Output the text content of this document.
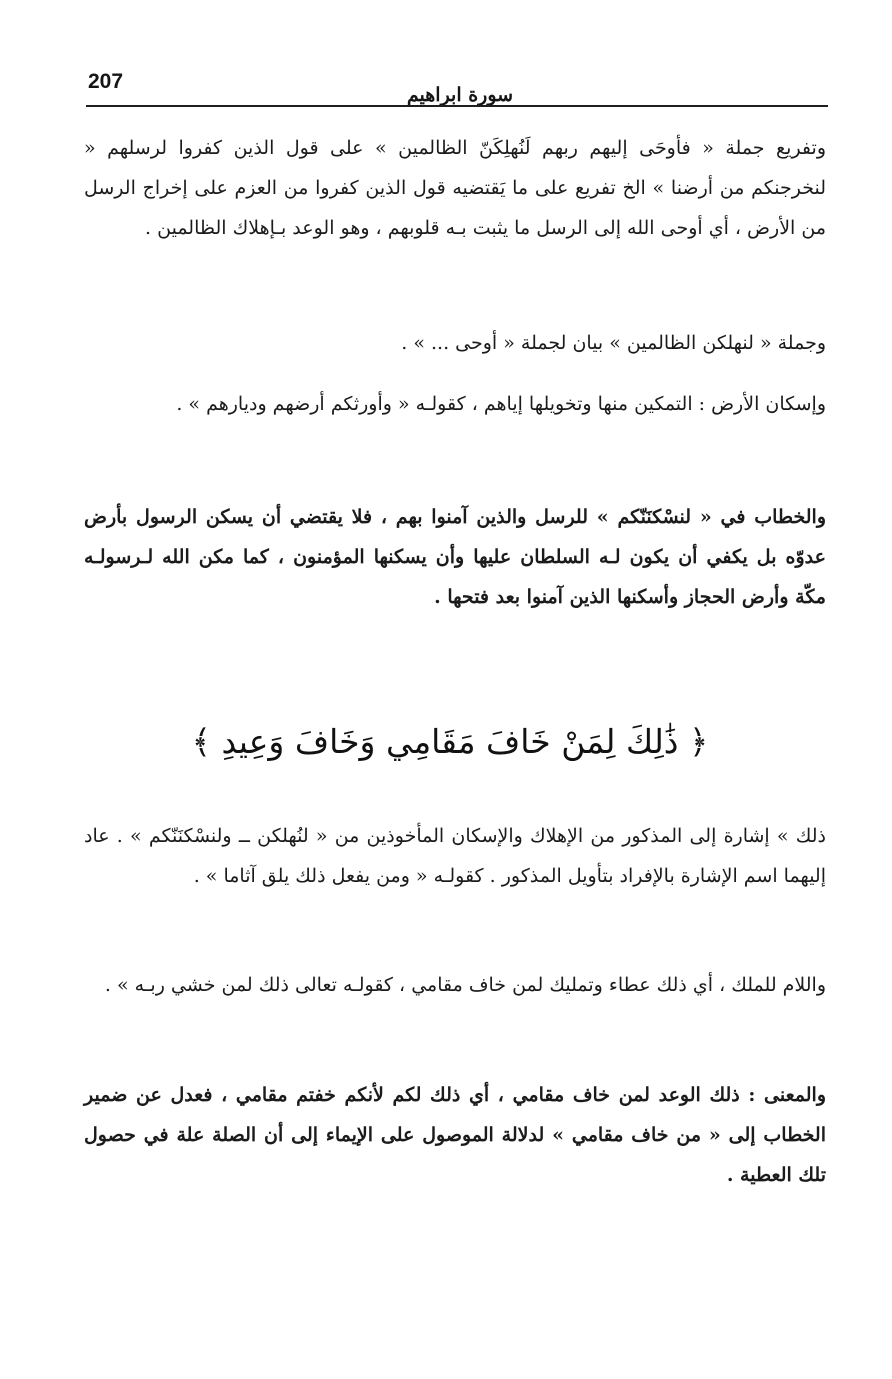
207
سورة ابراهيم

وتفريع جملة « فأوحَى إليهم ربهم لَنُهلِكَنّ الظالمين » على قول الذين كفروا لرسلهم « لنخرجنكم من أرضنا » الخ تفريع على ما يَقتضيه قول الذين كفروا من العزم على إخراج الرسل من الأرض ، أي أوحى الله إلى الرسل ما يثبت بـه قلوبهم ، وهو الوعد بـإهلاك الظالمين .

وجملة « لنهلكن الظالمين » بيان لجملة « أوحى ... » .

وإسكان الأرض : التمكين منها وتخويلها إياهم ، كقولـه « وأورثكم أرضهم وديارهم » .

والخطاب في « لنسْكنَنّكم » للرسل والذين آمنوا بهم ، فلا يقتضي أن يسكن الرسول بأرض عدوّه بل يكفي أن يكون لـه السلطان عليها وأن يسكنها المؤمنون ، كما مكن الله لـرسولـه مكّة وأرض الحجاز وأسكنها الذين آمنوا بعد فتحها .

﴿ ذَٰلِكَ لِمَنْ خَافَ مَقَامِي وَخَافَ وَعِيدِ ﴾

ذلك » إشارة إلى المذكور من الإهلاك والإسكان المأخوذين من « لنُهلكن ــ ولنسْكنَنّكم » . عاد إليهما اسم الإشارة بالإفراد بتأويل المذكور . كقولـه « ومن يفعل ذلك يلق آثاما » .

واللام للملك ، أي ذلك عطاء وتمليك لمن خاف مقامي ، كقولـه تعالى ذلك لمن خشي ربـه » .

والمعنى : ذلك الوعد لمن خاف مقامي ، أي ذلك لكم لأنكم خفتم مقامي ، فعدل عن ضمير الخطاب إلى « من خاف مقامي » لدلالة الموصول على الإيماء إلى أن الصلة علة في حصول تلك العطية .
